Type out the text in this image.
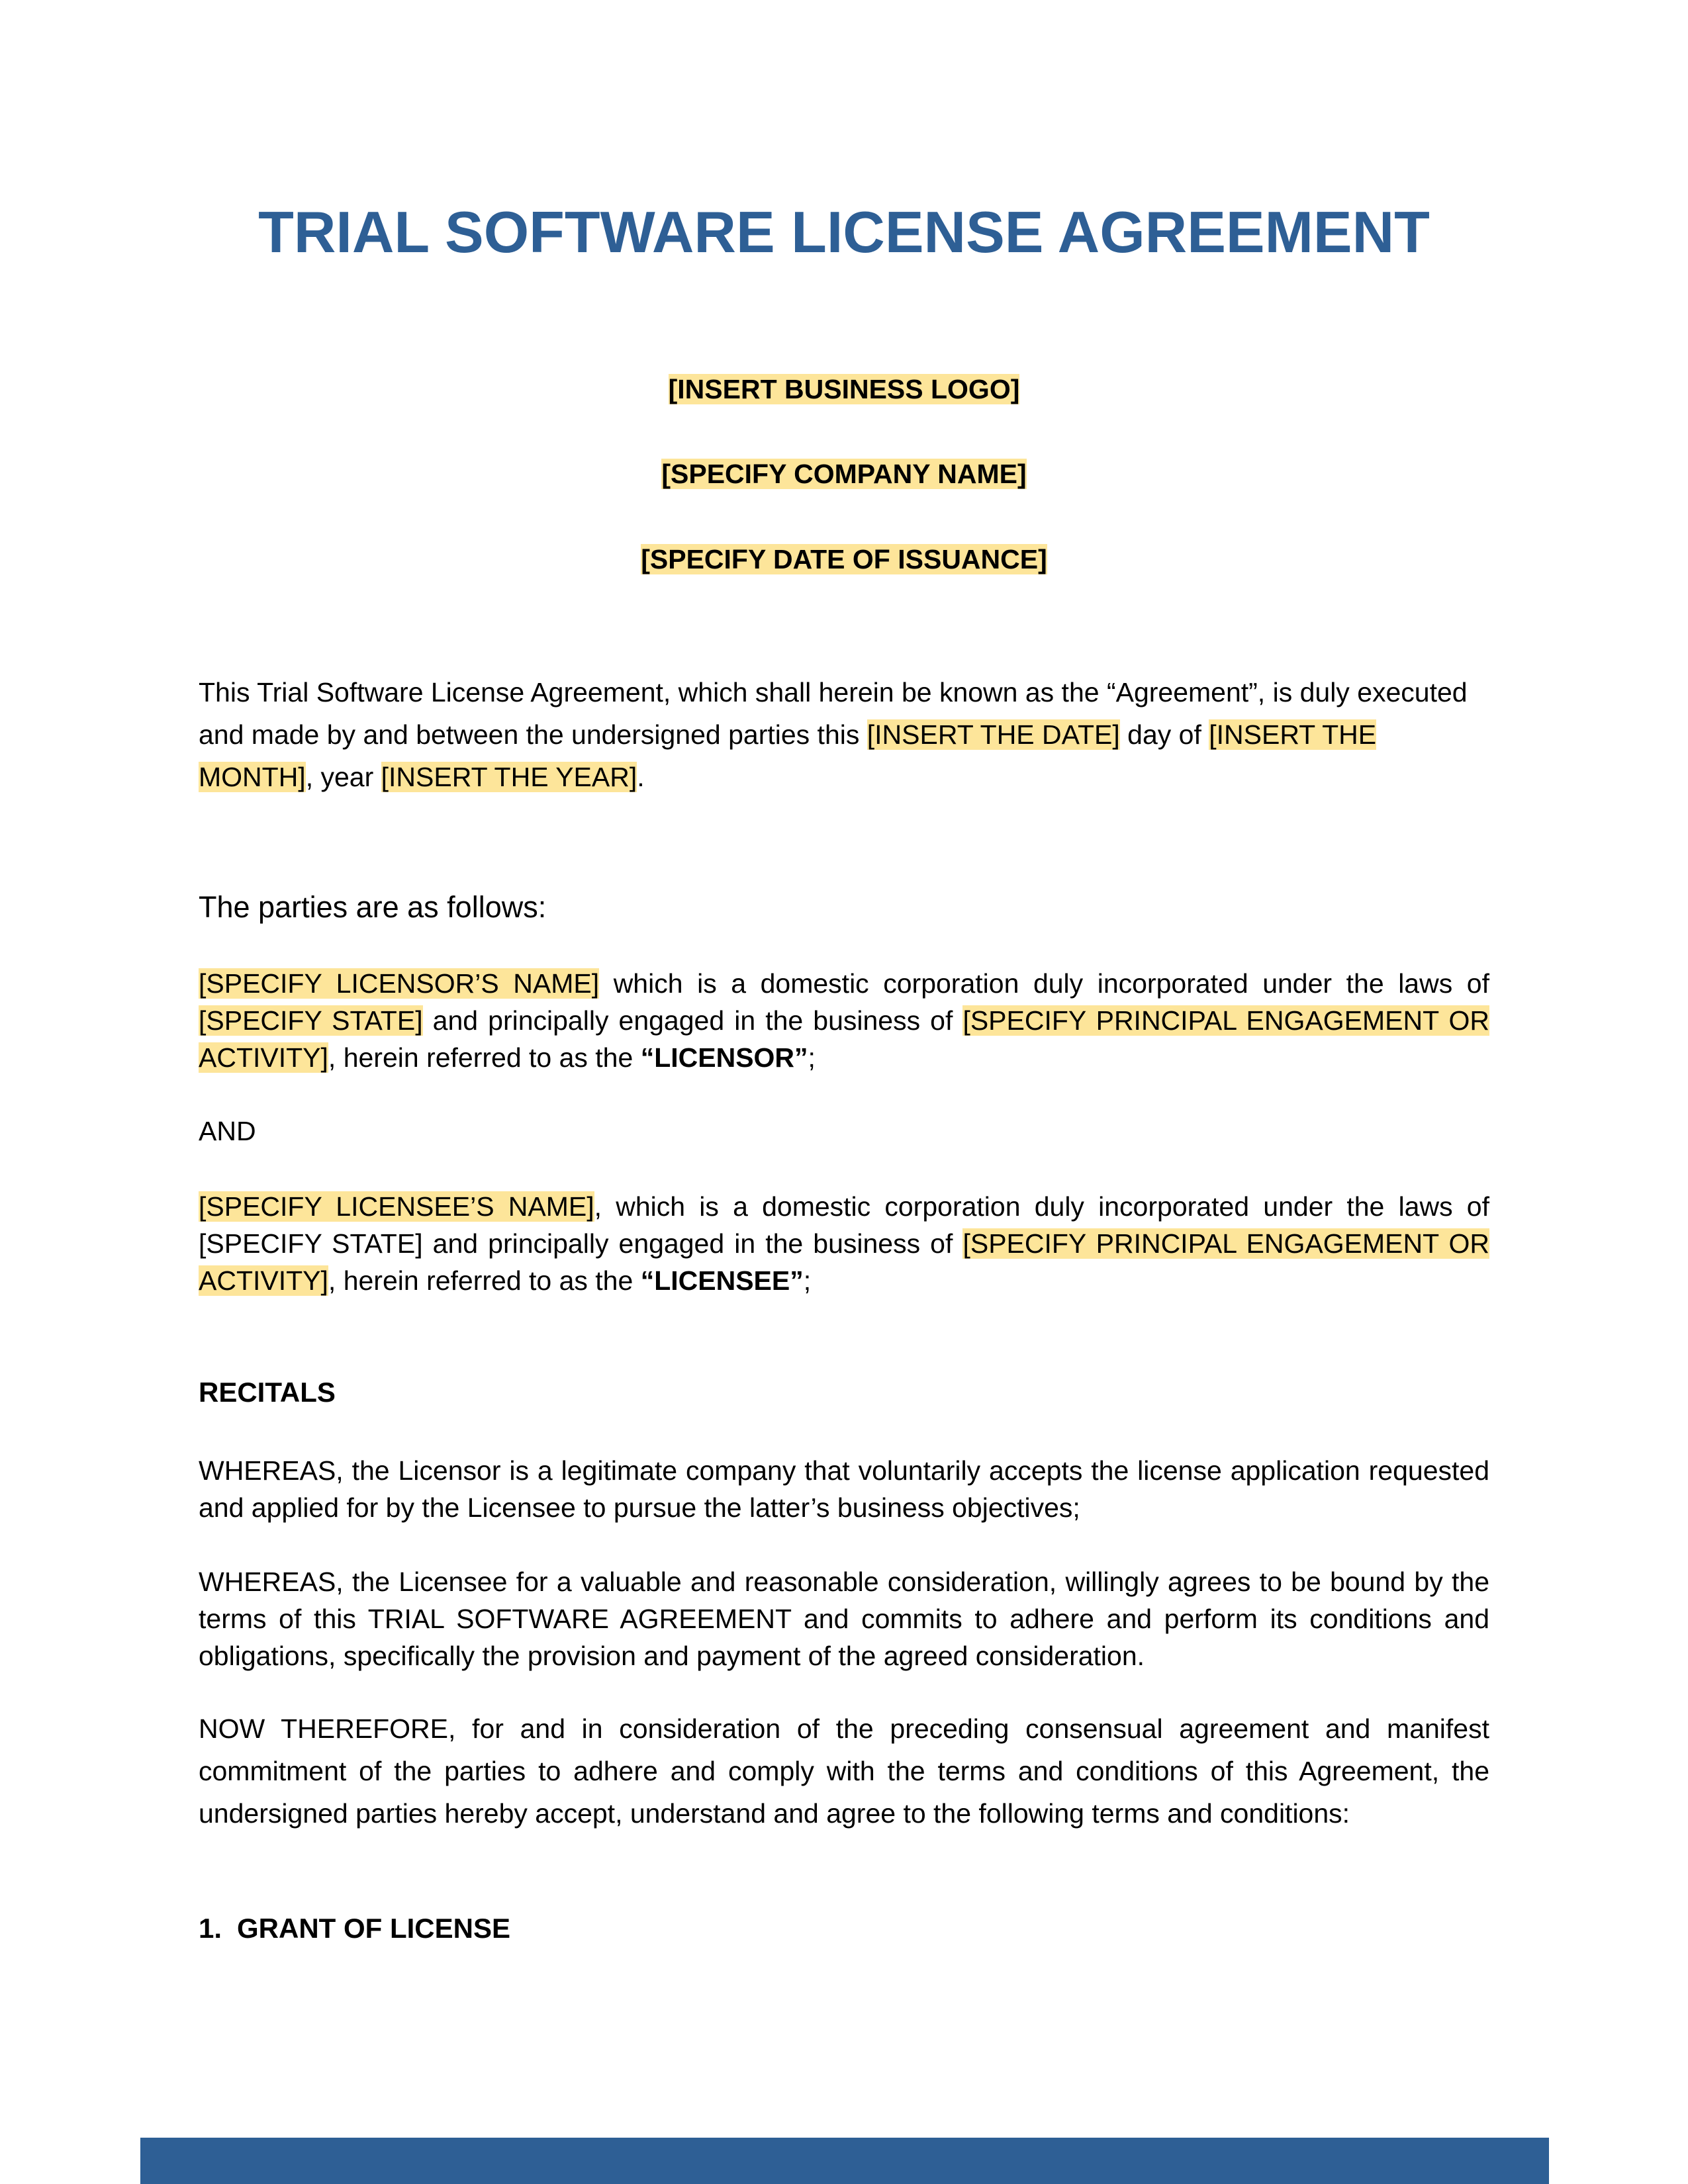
TRIAL SOFTWARE LICENSE AGREEMENT
[INSERT BUSINESS LOGO]
[SPECIFY COMPANY NAME]
[SPECIFY DATE OF ISSUANCE]
This Trial Software License Agreement, which shall herein be known as the “Agreement”, is duly executed and made by and between the undersigned parties this [INSERT THE DATE] day of [INSERT THE MONTH], year [INSERT THE YEAR].
The parties are as follows:
[SPECIFY LICENSOR’S NAME] which is a domestic corporation duly incorporated under the laws of [SPECIFY STATE] and principally engaged in the business of [SPECIFY PRINCIPAL ENGAGEMENT OR ACTIVITY], herein referred to as the “LICENSOR”;
AND
[SPECIFY LICENSEE’S NAME], which is a domestic corporation duly incorporated under the laws of [SPECIFY STATE] and principally engaged in the business of [SPECIFY PRINCIPAL ENGAGEMENT OR ACTIVITY], herein referred to as the “LICENSEE”;
RECITALS
WHEREAS, the Licensor is a legitimate company that voluntarily accepts the license application requested and applied for by the Licensee to pursue the latter’s business objectives;
WHEREAS, the Licensee for a valuable and reasonable consideration, willingly agrees to be bound by the terms of this TRIAL SOFTWARE AGREEMENT and commits to adhere and perform its conditions and obligations, specifically the provision and payment of the agreed consideration.
NOW THEREFORE, for and in consideration of the preceding consensual agreement and manifest commitment of the parties to adhere and comply with the terms and conditions of this Agreement, the undersigned parties hereby accept, understand and agree to the following terms and conditions:
1. GRANT OF LICENSE
